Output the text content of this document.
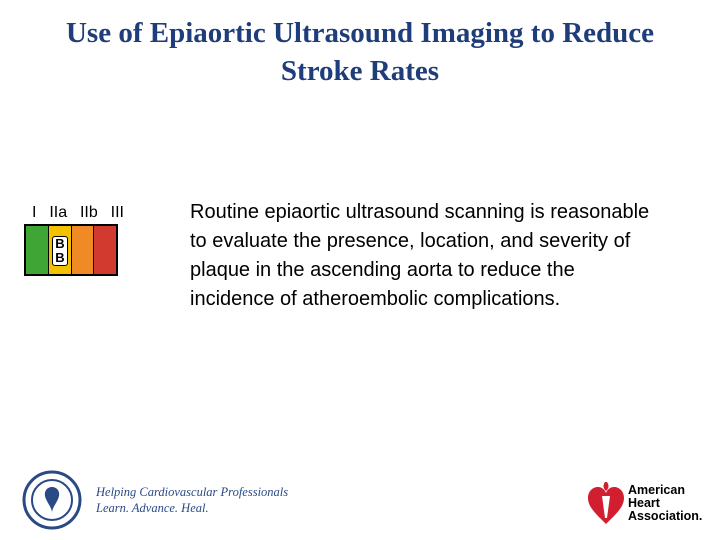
Use of Epiaortic Ultrasound Imaging to Reduce Stroke Rates
I IIa IIb III
B
B
Routine epiaortic ultrasound scanning is reasonable to evaluate the presence, location, and severity of plaque in the ascending aorta to reduce the incidence of atheroembolic complications.
Helping Cardiovascular Professionals
Learn. Advance. Heal.
American
Heart
Association.
